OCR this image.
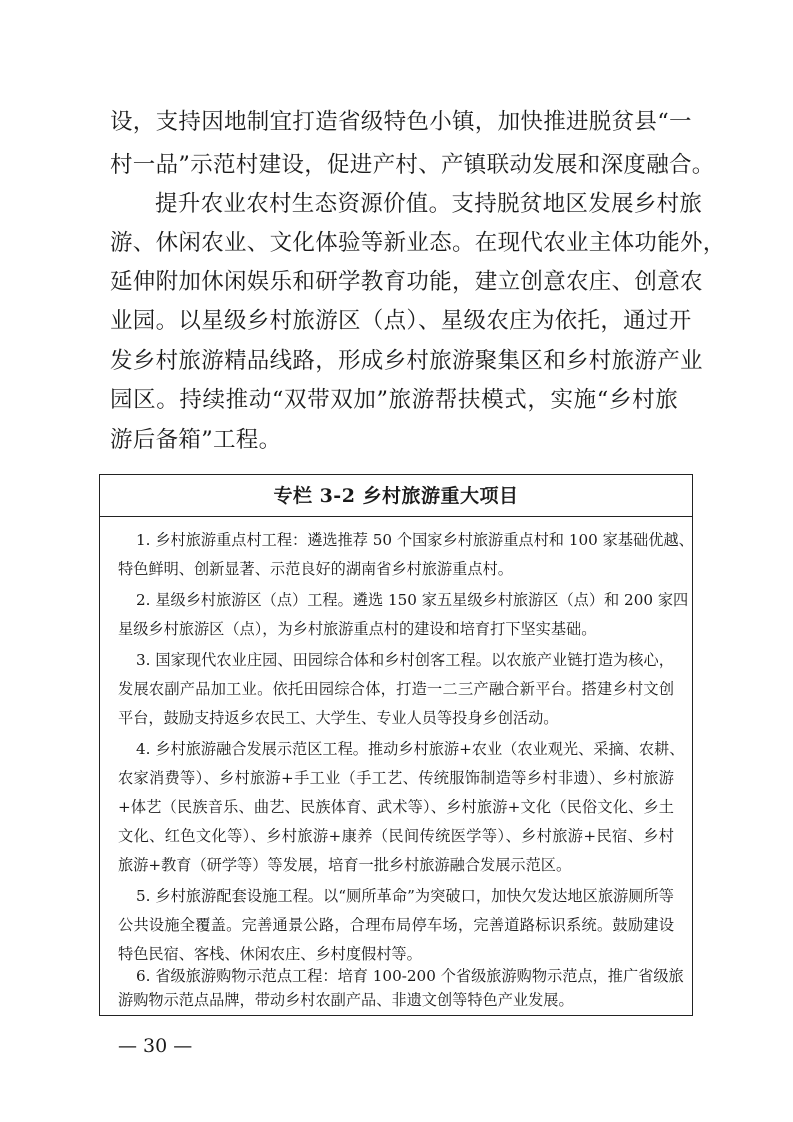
设，支持因地制宜打造省级特色小镇，加快推进脱贫县“一

村一品”示范村建设，促进产村、产镇联动发展和深度融合。

提升农业农村生态资源价值。支持脱贫地区发展乡村旅

游、休闲农业、文化体验等新业态。在现代农业主体功能外，

延伸附加休闲娱乐和研学教育功能，建立创意农庄、创意农

业园。以星级乡村旅游区（点）、星级农庄为依托，通过开

发乡村旅游精品线路，形成乡村旅游聚集区和乡村旅游产业

园区。持续推动“双带双加”旅游帮扶模式，实施“乡村旅

游后备箱”工程。

专栏 3-2 乡村旅游重大项目

1. 乡村旅游重点村工程：遴选推荐 50 个国家乡村旅游重点村和 100 家基础优越、

特色鲜明、创新显著、示范良好的湖南省乡村旅游重点村。

2. 星级乡村旅游区（点）工程。遴选 150 家五星级乡村旅游区（点）和 200 家四

星级乡村旅游区（点），为乡村旅游重点村的建设和培育打下坚实基础。

3. 国家现代农业庄园、田园综合体和乡村创客工程。以农旅产业链打造为核心，

发展农副产品加工业。依托田园综合体，打造一二三产融合新平台。搭建乡村文创

平台，鼓励支持返乡农民工、大学生、专业人员等投身乡创活动。

4. 乡村旅游融合发展示范区工程。推动乡村旅游+农业（农业观光、采摘、农耕、

农家消费等）、乡村旅游+手工业（手工艺、传统服饰制造等乡村非遗）、乡村旅游

+体艺（民族音乐、曲艺、民族体育、武术等）、乡村旅游+文化（民俗文化、乡土

文化、红色文化等）、乡村旅游+康养（民间传统医学等）、乡村旅游+民宿、乡村

旅游+教育（研学等）等发展，培育一批乡村旅游融合发展示范区。

5. 乡村旅游配套设施工程。以“厕所革命”为突破口，加快欠发达地区旅游厕所等

公共设施全覆盖。完善通景公路，合理布局停车场，完善道路标识系统。鼓励建设

特色民宿、客栈、休闲农庄、乡村度假村等。

6. 省级旅游购物示范点工程：培育 100-200 个省级旅游购物示范点，推广省级旅

游购物示范点品牌，带动乡村农副产品、非遗文创等特色产业发展。

— 30 —
